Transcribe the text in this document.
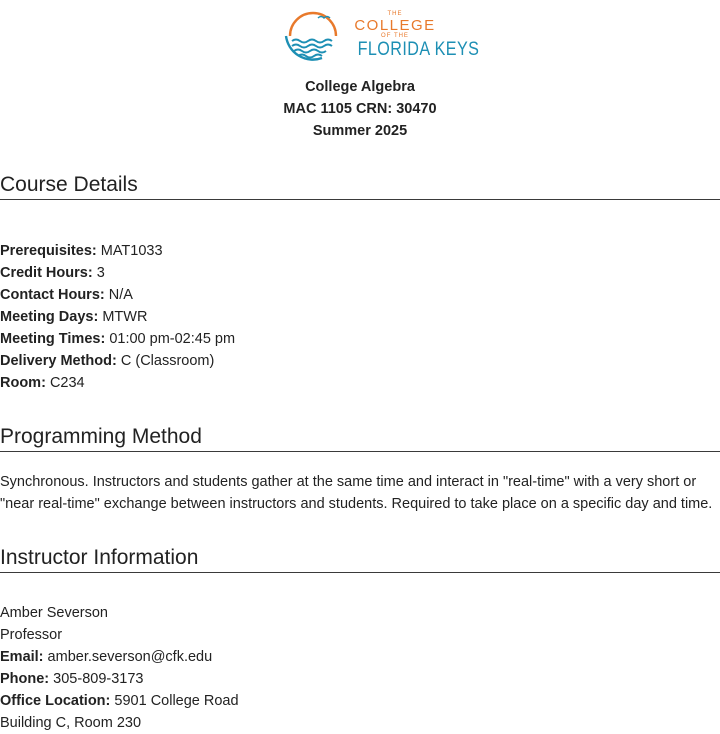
THE
COLLEGE
OF THE
FLORIDA KEYS
College Algebra
MAC 1105 CRN: 30470
Summer 2025
Course Details
Prerequisites: MAT1033
Credit Hours: 3
Contact Hours: N/A
Meeting Days: MTWR
Meeting Times: 01:00 pm-02:45 pm
Delivery Method: C (Classroom)
Room: C234
Programming Method
Synchronous. Instructors and students gather at the same time and interact in "real-time" with a very short or "near real-time" exchange between instructors and students. Required to take place on a specific day and time.
Instructor Information
Amber Severson
Professor
Email: amber.severson@cfk.edu
Phone: 305-809-3173
Office Location: 5901 College Road
Building C, Room 230
